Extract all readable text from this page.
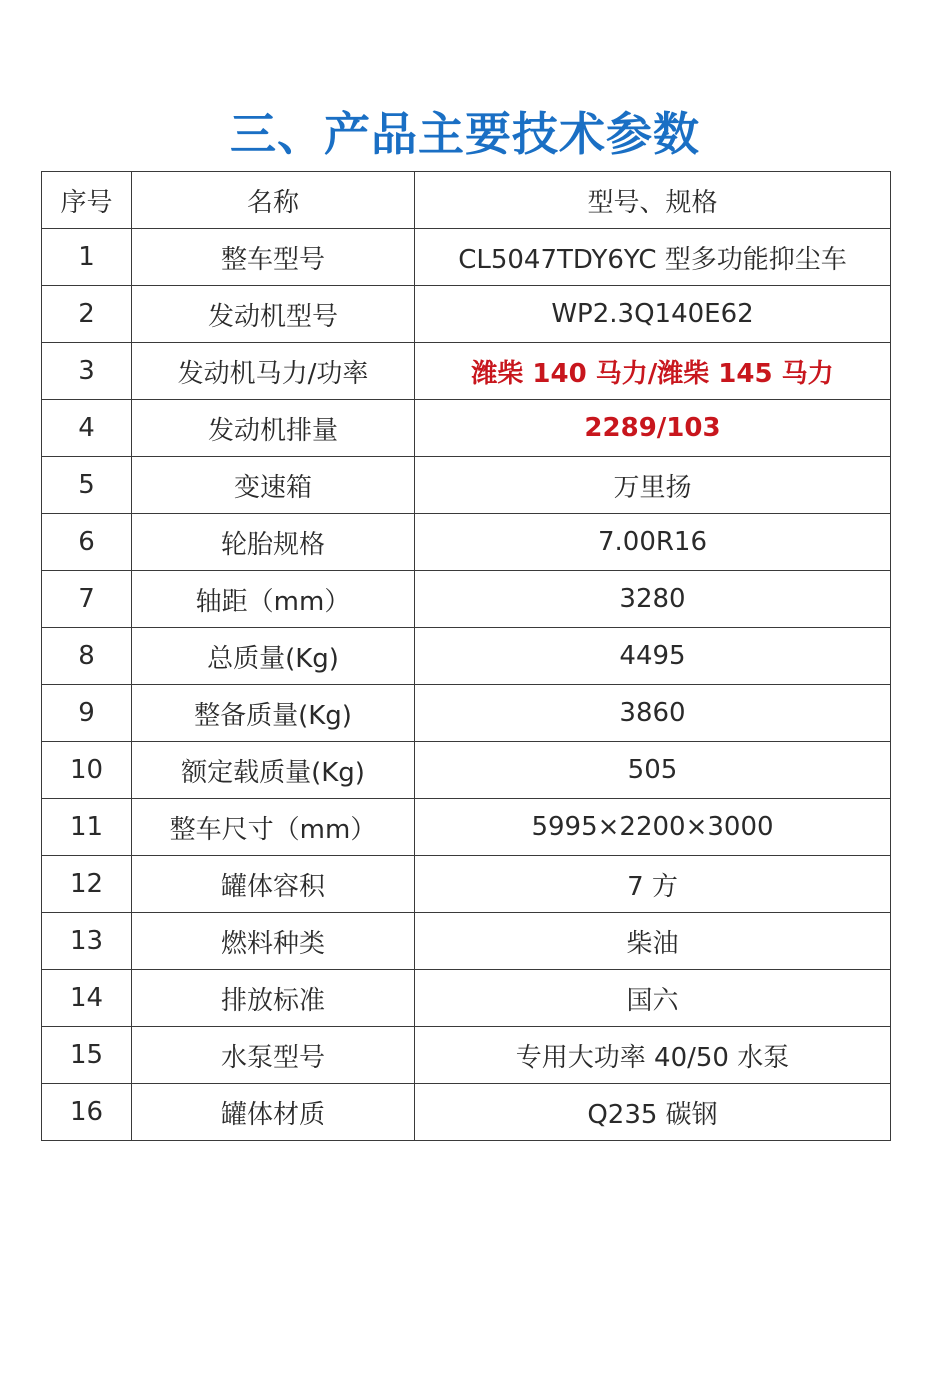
三、产品主要技术参数
序号	名称	型号、规格
1	整车型号	CL5047TDY6YC 型多功能抑尘车
2	发动机型号	WP2.3Q140E62
3	发动机马力/功率	潍柴 140 马力/潍柴 145 马力
4	发动机排量	2289/103
5	变速箱	万里扬
6	轮胎规格	7.00R16
7	轴距（mm）	3280
8	总质量(Kg)	4495
9	整备质量(Kg)	3860
10	额定载质量(Kg)	505
11	整车尺寸（mm）	5995×2200×3000
12	罐体容积	7 方
13	燃料种类	柴油
14	排放标准	国六
15	水泵型号	专用大功率 40/50 水泵
16	罐体材质	Q235 碳钢
